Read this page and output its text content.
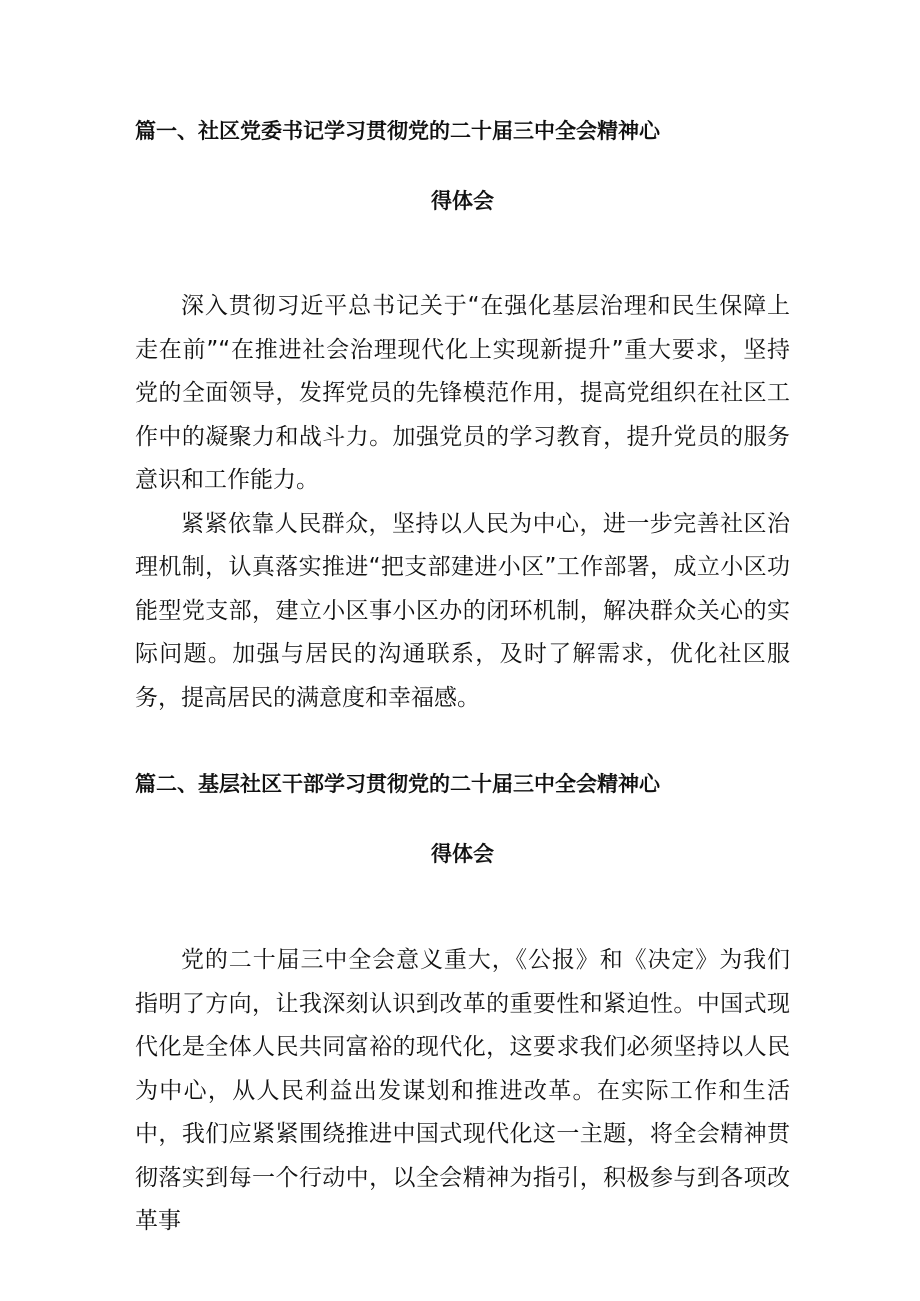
篇一、社区党委书记学习贯彻党的二十届三中全会精神心
得体会

深入贯彻习近平总书记关于“在强化基层治理和民生保障上走在前”“在推进社会治理现代化上实现新提升”重大要求，坚持党的全面领导，发挥党员的先锋模范作用，提高党组织在社区工作中的凝聚力和战斗力。加强党员的学习教育，提升党员的服务意识和工作能力。

紧紧依靠人民群众，坚持以人民为中心，进一步完善社区治理机制，认真落实推进“把支部建进小区”工作部署，成立小区功能型党支部，建立小区事小区办的闭环机制，解决群众关心的实际问题。加强与居民的沟通联系，及时了解需求，优化社区服务，提高居民的满意度和幸福感。

篇二、基层社区干部学习贯彻党的二十届三中全会精神心
得体会

党的二十届三中全会意义重大，《公报》和《决定》为我们指明了方向，让我深刻认识到改革的重要性和紧迫性。中国式现代化是全体人民共同富裕的现代化，这要求我们必须坚持以人民为中心，从人民利益出发谋划和推进改革。在实际工作和生活中，我们应紧紧围绕推进中国式现代化这一主题，将全会精神贯彻落实到每一个行动中，以全会精神为指引，积极参与到各项改革事
